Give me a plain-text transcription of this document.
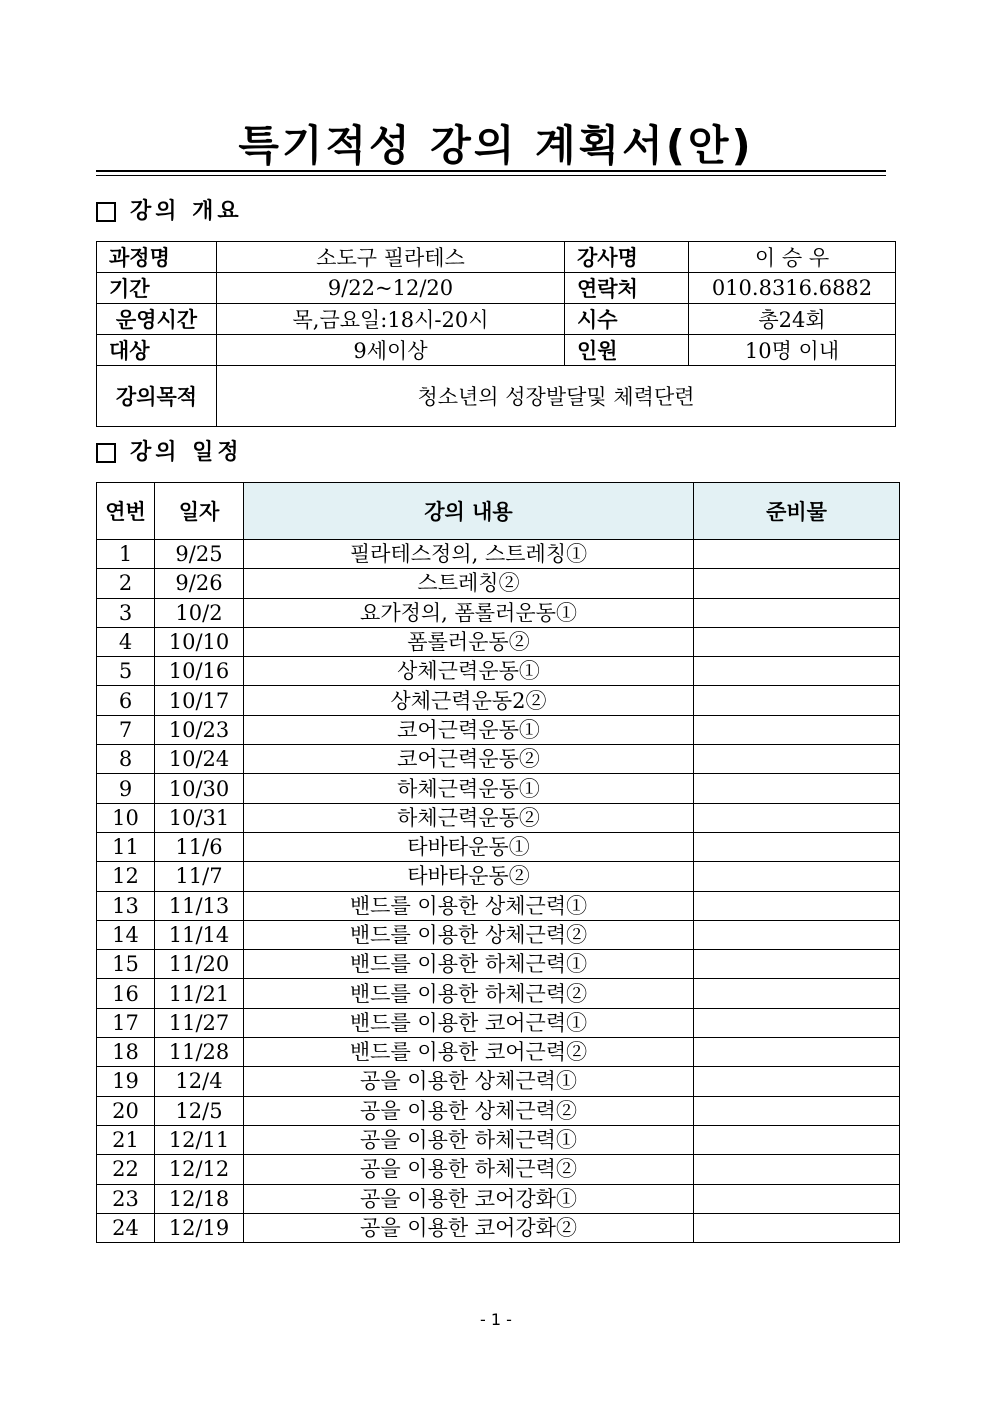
특기적성 강의 계획서(안)
강의 개요
과정명	소도구 필라테스	강사명	이 승 우
기간	9/22~12/20	연락처	010.8316.6882
운영시간	목,금요일:18시-20시	시수	총24회
대상	9세이상	인원	10명 이내
강의목적	청소년의 성장발달및 체력단련		
강의 일정
연번	일자	강의 내용	준비물
1	9/25	필라테스정의, 스트레칭①	
2	9/26	스트레칭②	
3	10/2	요가정의, 폼롤러운동①	
4	10/10	폼롤러운동②	
5	10/16	상체근력운동①	
6	10/17	상체근력운동2②	
7	10/23	코어근력운동①	
8	10/24	코어근력운동②	
9	10/30	하체근력운동①	
10	10/31	하체근력운동②	
11	11/6	타바타운동①	
12	11/7	타바타운동②	
13	11/13	밴드를 이용한 상체근력①	
14	11/14	밴드를 이용한 상체근력②	
15	11/20	밴드를 이용한 하체근력①	
16	11/21	밴드를 이용한 하체근력②	
17	11/27	밴드를 이용한 코어근력①	
18	11/28	밴드를 이용한 코어근력②	
19	12/4	공을 이용한 상체근력①	
20	12/5	공을 이용한 상체근력②	
21	12/11	공을 이용한 하체근력①	
22	12/12	공을 이용한 하체근력②	
23	12/18	공을 이용한 코어강화①	
24	12/19	공을 이용한 코어강화②	
- 1 -
